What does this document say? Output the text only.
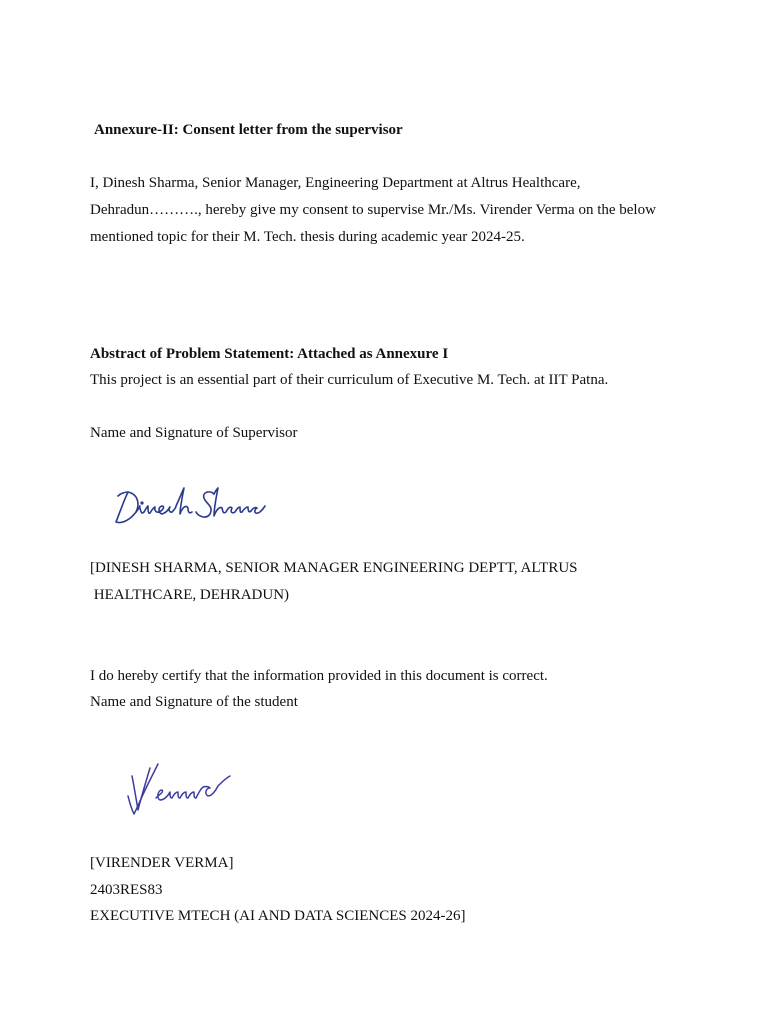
Annexure-II: Consent letter from the supervisor
I, Dinesh Sharma, Senior Manager, Engineering Department at Altrus Healthcare,
Dehradun………., hereby give my consent to supervise Mr./Ms. Virender Verma on the below
mentioned topic for their M. Tech. thesis during academic year 2024-25.
Abstract of Problem Statement: Attached as Annexure I
This project is an essential part of their curriculum of Executive M. Tech. at IIT Patna.
Name and Signature of Supervisor
[DINESH SHARMA, SENIOR MANAGER ENGINEERING DEPTT, ALTRUS
HEALTHCARE, DEHRADUN)
I do hereby certify that the information provided in this document is correct.
Name and Signature of the student
[VIRENDER VERMA]
2403RES83
EXECUTIVE MTECH (AI AND DATA SCIENCES 2024-26]
